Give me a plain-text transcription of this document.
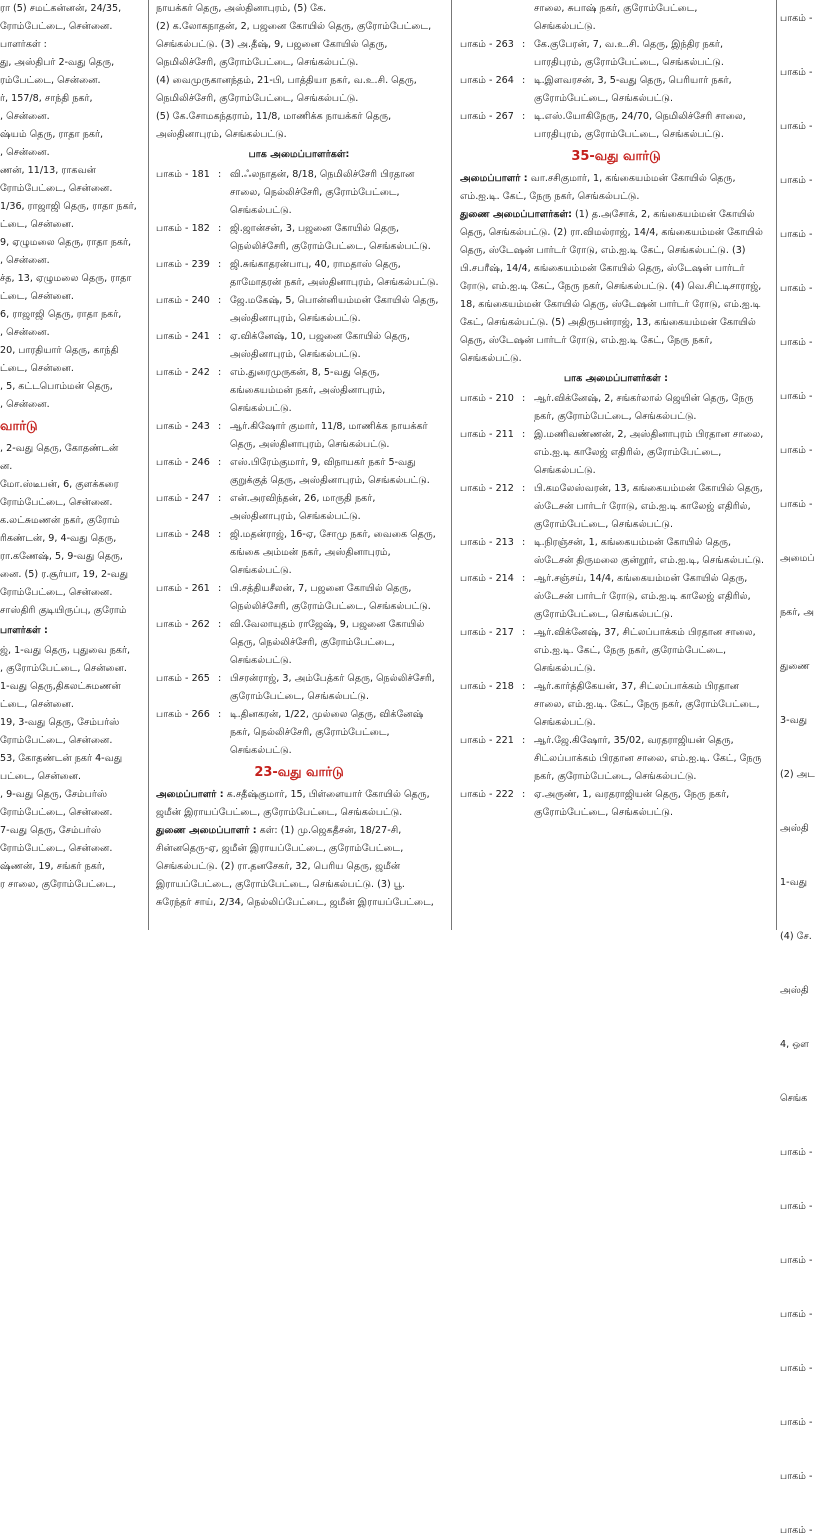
ரா (5) சமட்கன்னன், 24/35,
ரோம்பேட்டை, சென்னை.
பாளர்கள் :
து, அஸ்திபர் 2-வது தெரு,
ரம்பேட்டை, சென்னை.
ர், 157/8, சாந்தி நகர்,
, சென்னை.
ஷ்யம் தெரு, ராதா நகர்,
, சென்னை.
ணன், 11/13, ராகவன்
ரோம்பேட்டை, சென்னை.
1/36, ராஜாஜி தெரு, ராதா நகர்,
ட்டை, சென்னை.
9, ஏழுமலை தெரு, ராதா நகர்,
, சென்னை.
ச்த, 13, ஏழுமலை தெரு, ராதா
ட்டை, சென்னை.
6, ராஜாஜி தெரு, ராதா நகர்,
, சென்னை.
20, பாரதியார் தெரு, காந்தி
ட்டை, சென்னை.
, 5, கட்டபொம்மன் தெரு,
, சென்னை.
வார்டு
, 2-வது தெரு, கோதண்டன்
ன.
மோ.ஸ்டீபன், 6, குளக்கரை
ரோம்பேட்டை, சென்னை.
க.லட்சுமணன் நகர், குரோம்
ரிகண்டன், 9, 4-வது தெரு,
ரா.கணேஷ், 5, 9-வது தெரு,
னை. (5) ர.சூர்யா, 19, 2-வது
ரோம்பேட்டை, சென்னை.
சாஸ்திரி குடியிருப்பு, குரோம்
பாளர்கள் :
ஜ், 1-வது தெரு, புதுவை நகர்,
, குரோம்பேட்டை, சென்னை.
1-வது தெரு,திகலட்சுமணன்
ட்டை, சென்னை.
19, 3-வது தெரு, சேம்பர்ஸ்
ரோம்பேட்டை, சென்னை.
53, கோதண்டன் நகர் 4-வது
பட்டை, சென்னை.
, 9-வது தெரு, சேம்பர்ஸ்
ரோம்பேட்டை, சென்னை.
7-வது தெரு, சேம்பர்ஸ்
ரோம்பேட்டை, சென்னை.
ஷ்ணன், 19, சங்கர் நகர்,
ர சாலை, குரோம்பேட்டை,
நாயக்கர் தெரு, அஸ்தினாபுரம், (5) கே.
(2) க.லோகநாதன், 2, பஜனை கோயில் தெரு, குரோம்பேட்டை,
செங்கல்பட்டு. (3) அ.தீஷ், 9, பஜனை கோயில் தெரு,
நெமிலிச்சேரி, குரோம்பேட்டை, செங்கல்பட்டு.
(4) வைமுருகானந்தம், 21-பி, பாத்தியா நகர், வ.உ.சி. தெரு,
நெமிலிச்சேரி, குரோம்பேட்டை, செங்கல்பட்டு.
(5) கே.சோமகந்தராம், 11/8, மாணிக்க நாயக்கர் தெரு,
அஸ்தினாபுரம், செங்கல்பட்டு.
பாக அமைப்பாளர்கள்:
பாகம் - 181 : வி.ஃலநாதன், 8/18, நெமிலிச்சேரி பிரதான சாலை, நெல்லிச்சேரி, குரோம்பேட்டை, செங்கல்பட்டு.
பாகம் - 182 : ஜி.ஜான்சன், 3, பஜனை கோயில் தெரு, நெல்லிச்சேரி, குரோம்பேட்டை, செங்கல்பட்டு.
பாகம் - 239 : ஜி.சுங்காதரன்பாபு, 40, ராமதாஸ் தெரு, தாமோதரன் நகர், அஸ்தினாபுரம், செங்கல்பட்டு.
பாகம் - 240 : ஜே.மகேஷ், 5, பொன்னியம்மன் கோயில் தெரு, அஸ்தினாபுரம், செங்கல்பட்டு.
பாகம் - 241 : ஏ.விக்னேஷ், 10, பஜனை கோயில் தெரு, அஸ்தினாபுரம், செங்கல்பட்டு.
பாகம் - 242 : எம்.துரைமுருகன், 8, 5-வது தெரு, கங்கையம்மன் நகர், அஸ்தினாபுரம், செங்கல்பட்டு.
பாகம் - 243 : ஆர்.கிஷோர் குமார், 11/8, மாணிக்க நாயக்கர் தெரு, அஸ்தினாபுரம், செங்கல்பட்டு.
பாகம் - 246 : எஸ்.பிரேம்குமார், 9, விநாயகர் நகர் 5-வது குறுக்குத் தெரு, அஸ்தினாபுரம், செங்கல்பட்டு.
பாகம் - 247 : என்.அரவிந்தன், 26, மாருதி நகர், அஸ்தினாபுரம், செங்கல்பட்டு.
பாகம் - 248 : ஜி.மதன்ராஜ், 16-ஏ, சோமு நகர், வைகை தெரு, கங்கை அம்மன் நகர், அஸ்தினாபுரம், செங்கல்பட்டு.
பாகம் - 261 : பி.சத்தியசீலன், 7, பஜனை கோயில் தெரு, நெல்லிச்சேரி, குரோம்பேட்டை, செங்கல்பட்டு.
பாகம் - 262 : வி.வேலாயுதம் ராஜேஷ், 9, பஜனை கோயில் தெரு, நெல்லிச்சேரி, குரோம்பேட்டை, செங்கல்பட்டு.
பாகம் - 265 : பிசரன்ராஜ், 3, அம்பேத்கர் தெரு, நெல்லிச்சேரி, குரோம்பேட்டை, செங்கல்பட்டு.
பாகம் - 266 : டி.தினகரன், 1/22, முல்லை தெரு, விக்னேஷ் நகர், நெல்லிச்சேரி, குரோம்பேட்டை, செங்கல்பட்டு.
23-வது வார்டு

அமைப்பாளர் : க.சதீஷ்குமார், 15, பிள்ளையார் கோயில் தெரு, ஜமீன் இராயப்பேட்டை, குரோம்பேட்டை, செங்கல்பட்டு.

துணை அமைப்பாளர் : கள்: (1) மு.ஜெகதீசன், 18/27-சி, சின்னதெரு-ஏ, ஜமீன் இராயப்பேட்டை, குரோம்பேட்டை, செங்கல்பட்டு. (2) ரா.தனசேகர், 32, பெரிய தெரு, ஜமீன் இராயப்பேட்டை, குரோம்பேட்டை, செங்கல்பட்டு. (3) பூ. சுரேந்தர் சாய், 2/34, நெல்லிப்பேட்டை, ஜமீன் இராயப்பேட்டை,

சாலை, சுபாஷ் நகர், குரோம்பேட்டை,
செங்கல்பட்டு.
பாகம் - 263 : கே.குபேரன், 7, வ.உ.சி. தெரு, இந்திர நகர், பாரதிபுரம், குரோம்பேட்டை, செங்கல்பட்டு.
பாகம் - 264 : டி.இளவரசன், 3, 5-வது தெரு, பெரியார் நகர், குரோம்பேட்டை, செங்கல்பட்டு.
பாகம் - 267 : டி.எஸ்.யோகிநேரு, 24/70, நெமிலிச்சேரி சாலை, பாரதிபுரம், குரோம்பேட்டை, செங்கல்பட்டு.
35-வது வார்டு

அமைப்பாளர் : வா.சசிகுமார், 1, கங்கையம்மன் கோயில் தெரு, எம்.ஐ.டி. கேட், நேரு நகர், செங்கல்பட்டு.

துணை அமைப்பாளர்கள்: (1) த.அசோக், 2, கங்கையம்மன் கோயில் தெரு, செங்கல்பட்டு. (2) ரா.விமல்ராஜ், 14/4, கங்கையம்மன் கோயில் தெரு, ஸ்டேஷன் பார்டர் ரோடு, எம்.ஐ.டி கேட், செங்கல்பட்டு. (3) பி.சபரீஷ், 14/4, கங்கையம்மன் கோயில் தெரு, ஸ்டேஷன் பார்டர் ரோடு, எம்.ஐ.டி கேட், நேரு நகர், செங்கல்பட்டு. (4) வெ.சிட்டிசாராஜ், 18, கங்கையம்மன் கோயில் தெரு, ஸ்டேஷன் பார்டர் ரோடு, எம்.ஐ.டி கேட், செங்கல்பட்டு. (5) அதிருபன்ராஜ், 13, கங்கையம்மன் கோயில் தெரு, ஸ்டேஷன் பார்டர் ரோடு, எம்.ஐ.டி கேட், நேரு நகர், செங்கல்பட்டு.

பாக அமைப்பாளர்கள் :
பாகம் - 210 : ஆர்.விக்னேஷ், 2, சங்கர்லால் ஜெயின் தெரு, நேரு நகர், குரோம்பேட்டை, செங்கல்பட்டு.
பாகம் - 211 : இ.மணிவண்ணன், 2, அஸ்தினாபுரம் பிரதான சாலை, எம்.ஐ.டி காலேஜ் எதிரில், குரோம்பேட்டை, செங்கல்பட்டு.
பாகம் - 212 : பி.கமலேஸ்வரன், 13, கங்கையம்மன் கோயில் தெரு, ஸ்டேசன் பார்டர் ரோடு, எம்.ஐ.டி காலேஜ் எதிரில், குரோம்பேட்டை, செங்கல்பட்டு.
பாகம் - 213 : டி.நிரஞ்சன், 1, கங்கையம்மன் கோயில் தெரு, ஸ்டேசன் திருமலை குன்றூர், எம்.ஐ.டி, செங்கல்பட்டு.
பாகம் - 214 : ஆர்.சஞ்சய், 14/4, கங்கையம்மன் கோயில் தெரு, ஸ்டேசன் பார்டர் ரோடு, எம்.ஐ.டி காலேஜ் எதிரில், குரோம்பேட்டை, செங்கல்பட்டு.
பாகம் - 217 : ஆர்.விக்னேஷ், 37, சிட்லப்பாக்கம் பிரதான சாலை, எம்.ஐ.டி. கேட், நேரு நகர், குரோம்பேட்டை, செங்கல்பட்டு.
பாகம் - 218 : ஆர்.கார்த்திகேயன், 37, சிட்லப்பாக்கம் பிரதான சாலை, எம்.ஐ.டி. கேட், நேரு நகர், குரோம்பேட்டை, செங்கல்பட்டு.
பாகம் - 221 : ஆர்.ஜே.கிஷோர், 35/02, வரதராஜியன் தெரு, சிட்லப்பாக்கம் பிரதான சாலை, எம்.ஐ.டி. கேட், நேரு நகர், குரோம்பேட்டை, செங்கல்பட்டு.
பாகம் - 222 : ஏ.அருண், 1, வரதராஜியன் தெரு, நேரு நகர், குரோம்பேட்டை, செங்கல்பட்டு.
பாகம் -
பாகம் -
பாகம் -
பாகம் -
பாகம் -
பாகம் -
பாகம் -
பாகம் -
பாகம் -
பாகம் -
அமைப்
நகர், அ
துணை
3-வது
(2) அட
அஸ்தி
1-வது
(4) சே.
அஸ்தி
4, ஒள
செங்க
பாகம் -
பாகம் -
பாகம் -
பாகம் -
பாகம் -
பாகம் -
பாகம் -
பாகம் -
